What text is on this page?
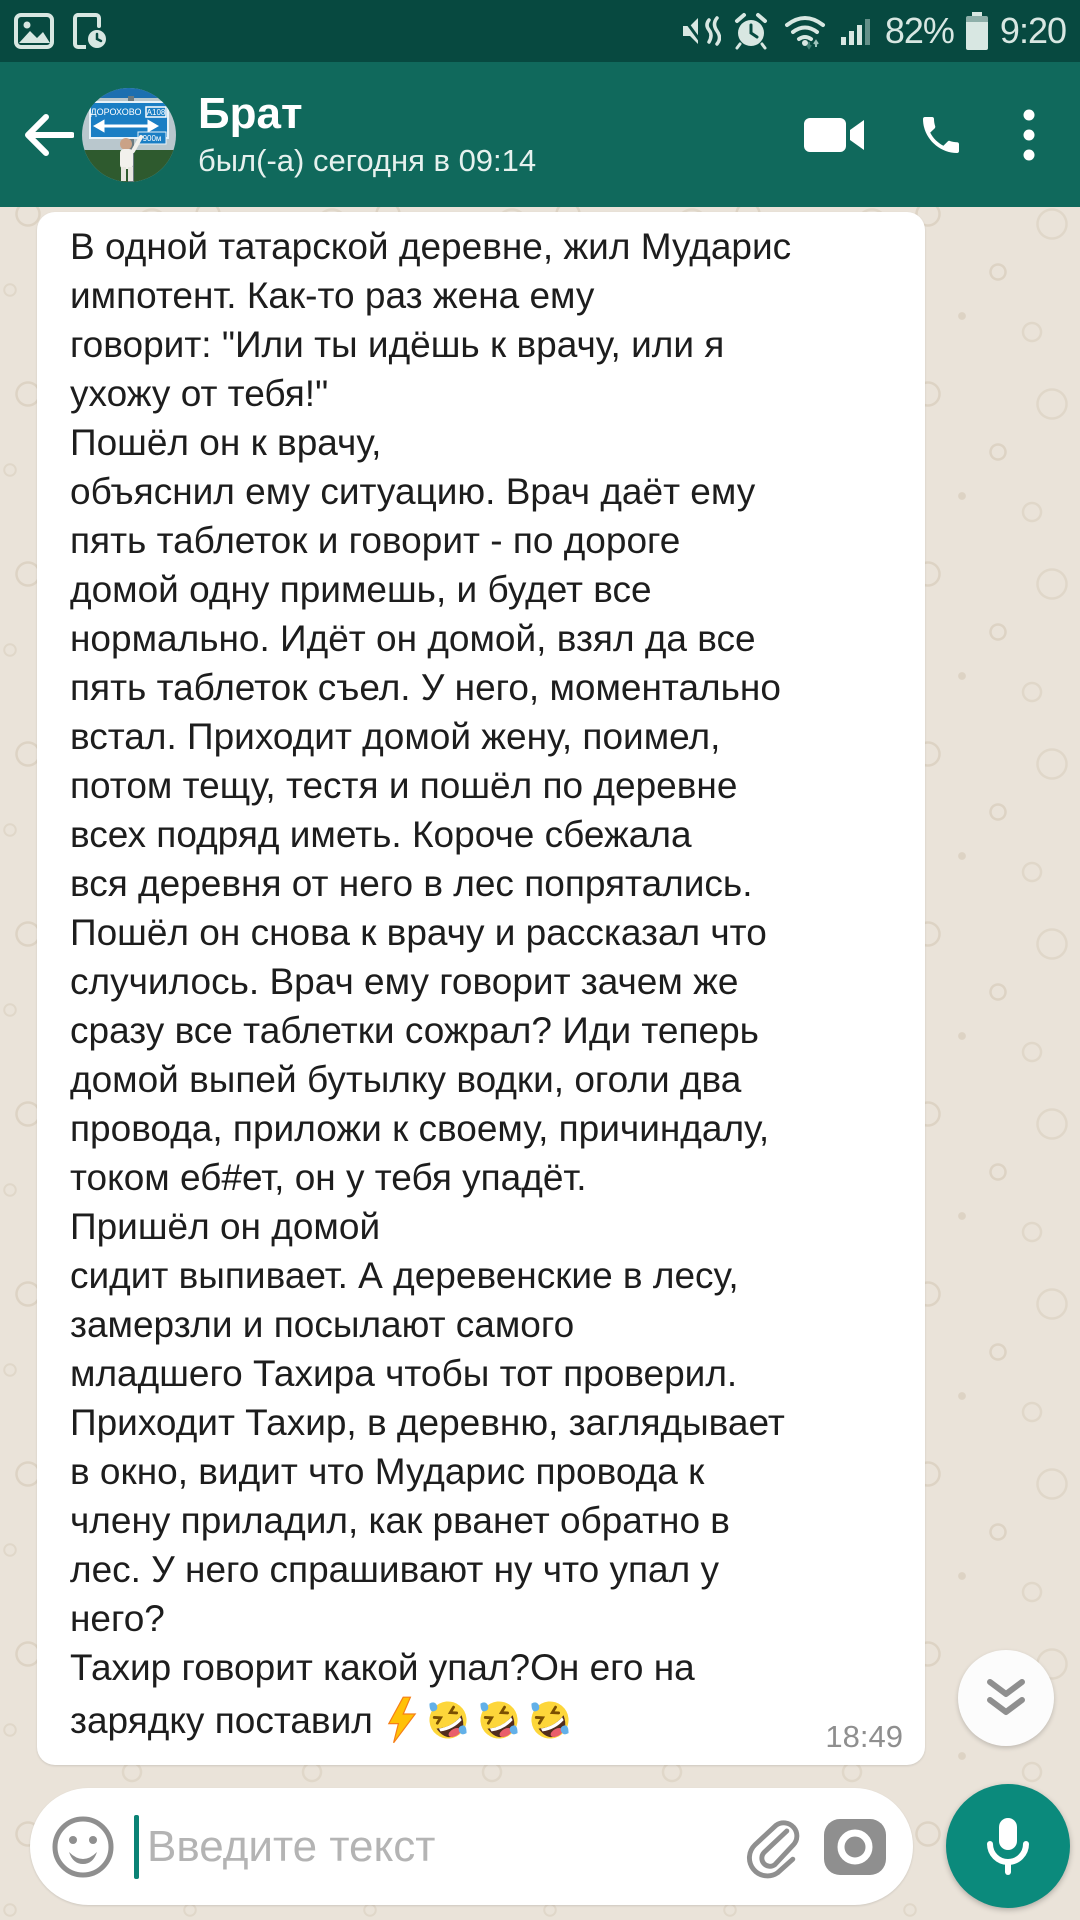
82% 9:20
ДОРОХОВО А108
900м
Брат
был(-а) сегодня в 09:14
В одной татарской деревне, жил Мударис
импотент. Как-то раз жена ему
говорит: "Или ты идёшь к врачу, или я
ухожу от тебя!"
Пошёл он к врачу,
объяснил ему ситуацию. Врач даёт ему
пять таблеток и говорит - по дороге
домой одну примешь, и будет все
нормально. Идёт он домой, взял да все
пять таблеток съел. У него, моментально
встал. Приходит домой жену, поимел,
потом тещу, тестя и пошёл по деревне
всех подряд иметь. Короче сбежала
вся деревня от него в лес попрятались.
Пошёл он снова к врачу и рассказал что
случилось. Врач ему говорит зачем же
сразу все таблетки сожрал? Иди теперь
домой выпей бутылку водки, оголи два
провода, приложи к своему, причиндалу,
током еб#ет, он у тебя упадёт.
Пришёл он домой
сидит выпивает. А деревенские в лесу,
замерзли и посылают самого
младшего Тахира чтобы тот проверил.
Приходит Тахир, в деревню, заглядывает
в окно, видит что Мударис провода к
члену приладил, как рванет обратно в
лес. У него спрашивают ну что упал у
него?
Тахир говорит какой упал?Он его на
зарядку поставил	18:49
Введите текст
